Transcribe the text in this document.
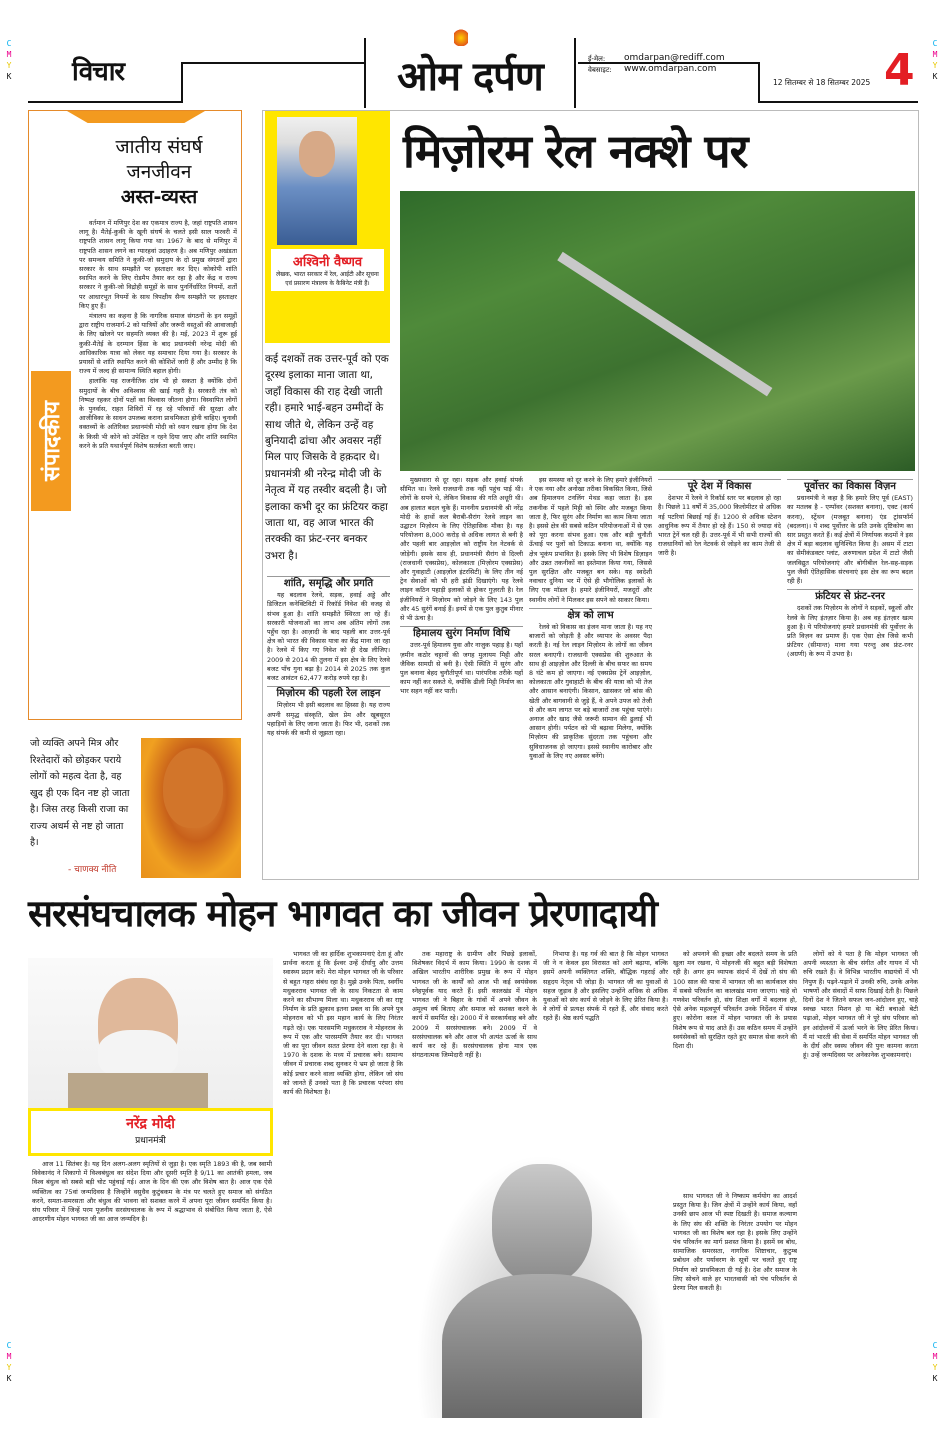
C
M
Y
K
C
M
Y
K
C
M
Y
K
C
M
Y
K
विचार	ओम दर्पण	ई-मेल: omdarpan@rediff.com
वेबसाइट: www.omdarpan.com
12 सितम्बर से 18 सितम्बर 2025 4
संपादकीय
जातीय संघर्ष
जनजीवन
अस्त-व्यस्त

वर्तमान में मणिपुर देश का एकमात्र राज्य है, जहां राष्ट्रपति शासन लागू है। मैतेई-कुकी के खूनी संघर्ष के चलते इसी साल फरवरी में राष्ट्रपति शासन लागू किया गया था। 1967 के बाद से मणिपुर में राष्ट्रपति शासन लगने का ग्यारहवां उदाहरण है। अब मणिपुर अखंडता पर समन्वय समिति ने कुकी-जो समुदाय के दो प्रमुख संगठनों द्वारा सरकार के साथ समझौते पर हस्ताक्षर कर दिए। कोकोपी शांति स्थापित करने के लिए रोडमैप तैयार कर रहा है और केंद्र व राज्य सरकार ने कुकी-जो विद्रोही समूहों के साथ पुनर्निर्धारित नियमों, शर्तों पर आधारभूत नियमों के साथ त्रिपक्षीय सैन्य समझौते पर हस्ताक्षर किए हुए हैं।

मंत्रालय का कहना है कि नागरिक समाज संगठनों के इन समूहों द्वारा राष्ट्रीय राजमार्ग-2 को यात्रियों और जरूरी वस्तुओं की आवाजाही के लिए खोलने पर सहमति व्यक्त की है। मई, 2023 में शुरू हुई कुकी-मैतेई के दरम्यान हिंसा के बाद प्रधानमंत्री नरेन्द्र मोदी की आधिकारिक यात्रा को लेकर यह समाचार दिया गया है। सरकार के प्रयासों से शांति स्थापित करने की कोशिशें जारी हैं और उम्मीद है कि राज्य में जल्द ही सामान्य स्थिति बहाल होगी।

हालांकि यह राजनीतिक दांव भी हो सकता है क्योंकि दोनों समुदायों के बीच अविश्वास की खाई गहरी है। सरकारी तंत्र को निष्पक्ष रहकर दोनों पक्षों का विश्वास जीतना होगा। विस्थापित लोगों के पुनर्वास, राहत शिविरों में रह रहे परिवारों की सुरक्षा और आजीविका के साधन उपलब्ध कराना प्राथमिकता होनी चाहिए। चुनावी वक्तव्यों के अतिरिक्त प्रधानमंत्री मोदी को ध्यान रखना होगा कि देश के किसी भी कोने को उपेक्षित न रहने दिया जाए और शांति स्थापित करने के प्रति यथार्थपूर्ण विशेष सतर्कता बरती जाए।

जो व्यक्ति अपने मित्र और रिश्तेदारों को छोड़कर पराये लोगों को महत्व देता है, वह खुद ही एक दिन नष्ट हो जाता है। जिस तरह किसी राजा का राज्य अधर्म से नष्ट हो जाता है।
- चाणक्य नीति
मिज़ोरम रेल नक्शे पर
अश्विनी वैष्णव
लेखक, भारत सरकार में रेल, आईटी और सूचना एवं प्रसारण मंत्रालय के कैबिनेट मंत्री हैं।
कई दशकों तक उत्तर-पूर्व को एक दूरस्थ इलाका माना जाता था, जहाँ विकास की राह देखी जाती रही। हमारे भाई-बहन उम्मीदों के साथ जीते थे, लेकिन उन्हें वह बुनियादी ढांचा और अवसर नहीं मिल पाए जिसके वे हक़दार थे। प्रधानमंत्री श्री नरेन्द्र मोदी जी के नेतृत्व में यह तस्वीर बदली है। जो इलाका कभी दूर का फ्रंटियर कहा जाता था, वह आज भारत की तरक्की का फ्रंट-रनर बनकर उभरा है।
शांति, समृद्धि और प्रगति

यह बदलाव रेलवे, सड़क, हवाई अड्डे और डिजिटल कनेक्टिविटी में रिकॉर्ड निवेश की वजह से संभव हुआ है। शांति समझौते स्थिरता ला रहे हैं। सरकारी योजनाओं का लाभ अब अंतिम लोगों तक पहुँच रहा है। आज़ादी के बाद पहली बार उत्तर-पूर्व क्षेत्र को भारत की विकास यात्रा का केंद्र माना जा रहा है। रेलवे में किए गए निवेश को ही देख लीजिए। 2009 से 2014 की तुलना में इस क्षेत्र के लिए रेलवे बजट पाँच गुना बढ़ा है। 2014 से 2025 तक कुल बजट आवंटन 62,477 करोड़ रुपये रहा है।

मिज़ोरम की पहली रेल लाइन

मिज़ोरम भी इसी बदलाव का हिस्सा है। यह राज्य अपनी समृद्ध संस्कृति, खेल प्रेम और खूबसूरत पहाड़ियों के लिए जाना जाता है। फिर भी, दशकों तक यह संपर्क की कमी से जूझता रहा।

मुख्यधारा से दूर रहा। सड़क और हवाई संपर्क सीमित था। रेलवे राजधानी तक नहीं पहुंच पाई थी। लोगों के सपने थे, लेकिन विकास की गति अधूरी थी। अब हालात बदल चुके हैं। माननीय प्रधानमंत्री श्री नरेंद्र मोदी के हाथों कल बैराबी-सैरांग रेलवे लाइन का उद्घाटन मिज़ोरम के लिए ऐतिहासिक मौका है। यह परियोजना 8,000 करोड़ से अधिक लागत से बनी है और पहली बार आइज़ोल को राष्ट्रीय रेल नेटवर्क से जोड़ेगी। इसके साथ ही, प्रधानमंत्री सैरांग से दिल्ली (राजधानी एक्सप्रेस), कोलकाता (मिज़ोरम एक्सप्रेस) और गुवाहाटी (आइज़ोल इंटरसिटी) के लिए तीन नई ट्रेन सेवाओं को भी हरी झंडी दिखाएंगे। यह रेलवे लाइन कठिन पहाड़ी इलाकों से होकर गुज़रती है। रेल इंजीनियरों ने मिज़ोरम को जोड़ने के लिए 143 पुल और 45 सुरंगें बनाई हैं। इनमें से एक पुल कुतुब मीनार से भी ऊंचा है।

हिमालय सुरंग निर्माण विधि

उत्तर-पूर्व हिमालय युवा और नाजुक पहाड़ है। यहाँ ज़मीन कठोर चट्टानों की जगह मुलायम मिट्टी और जैविक सामग्री से बनी है। ऐसी स्थिति में सुरंग और पुल बनाना बेहद चुनौतीपूर्ण था। पारंपरिक तरीके यहाँ काम नहीं कर सकते थे, क्योंकि ढीली मिट्टी निर्माण का भार सहन नहीं कर पाती।

इस समस्या को दूर करने के लिए हमारे इंजीनियरों ने एक नया और अनोखा तरीका विकसित किया, जिसे अब हिमालयन टनलिंग मेथड कहा जाता है। इस तकनीक में पहले मिट्टी को स्थिर और मजबूत किया जाता है, फिर सुरंग और निर्माण का काम किया जाता है। इससे क्षेत्र की सबसे कठिन परियोजनाओं में से एक को पूरा करना संभव हुआ। एक और बड़ी चुनौती ऊँचाई पर पुलों को टिकाऊ बनाना था, क्योंकि यह क्षेत्र भूकंप प्रभावित है। इसके लिए भी विशेष डिज़ाइन और उन्नत तकनीकों का इस्तेमाल किया गया, जिससे पुल सुरक्षित और मजबूत बन सके। यह स्वदेशी नवाचार दुनिया भर में ऐसे ही भौगोलिक इलाकों के लिए एक मॉडल है। हमारे इंजीनियरों, मजदूरों और स्थानीय लोगों ने मिलकर इस सपने को साकार किया।

क्षेत्र को लाभ

रेलवे को विकास का इंजन माना जाता है। यह नए बाजारों को जोड़ती है और व्यापार के अवसर पैदा करती है। नई रेल लाइन मिज़ोरम के लोगों का जीवन सरल बनाएगी। राजधानी एक्सप्रेस की शुरुआत के साथ ही आइज़ोल और दिल्ली के बीच सफर का समय 8 घंटे कम हो जाएगा। नई एक्सप्रेस ट्रेनें आइज़ोल, कोलकाता और गुवाहाटी के बीच की यात्रा को भी तेज और आसान बनाएंगी। किसान, खासकर जो बांस की खेती और बागवानी से जुड़े हैं, वे अपने उपज को तेजी से और कम लागत पर बड़े बाजारों तक पहुंचा पाएंगे। अनाज और खाद जैसे जरूरी सामान की ढुलाई भी आसान होगी। पर्यटन को भी बढ़ावा मिलेगा, क्योंकि मिज़ोरम की प्राकृतिक सुंदरता तक पहुंचना और सुविधाजनक हो जाएगा। इससे स्थानीय कारोबार और युवाओं के लिए नए अवसर बनेंगे।

पूरे देश में विकास

देशभर में रेलवे ने रिकॉर्ड स्तर पर बदलाव हो रहा है। पिछले 11 वर्षों में 35,000 किलोमीटर से अधिक नई पटरियां बिछाई गई हैं। 1200 से अधिक स्टेशन आधुनिक रूप में तैयार हो रहे हैं। 150 से ज्यादा वंदे भारत ट्रेनें चल रही हैं। उत्तर-पूर्व में भी सभी राज्यों की राजधानियों को रेल नेटवर्क से जोड़ने का काम तेजी से जारी है।

पूर्वोत्तर का विकास विज़न

प्रधानमंत्री ने कहा है कि हमारे लिए पूर्व (EAST) का मतलब है - एम्पॉवर (सशक्त बनाना), एक्ट (कार्य करना), स्ट्रेंथन (मजबूत बनाना) एंड ट्रांसफॉर्म (बदलना)। ये शब्द पूर्वोत्तर के प्रति उनके दृष्टिकोण का सार प्रस्तुत करते हैं। कई क्षेत्रों में निर्णायक कदमों ने इस क्षेत्र में बड़ा बदलाव सुनिश्चित किया है। असम में टाटा का सेमीकंडक्टर प्लांट, अरुणाचल प्रदेश में टाटो जैसी जलविद्युत परियोजनाएं और बोगीबील रेल-सह-सड़क पुल जैसी ऐतिहासिक संरचनाएं इस क्षेत्र का रूप बदल रही हैं।

फ्रंटियर से फ्रंट-रनर

दशकों तक मिज़ोरम के लोगों ने सड़कों, स्कूलों और रेलवे के लिए इंतज़ार किया है। अब वह इंतज़ार खत्म हुआ है। ये परियोजनाएं हमारे प्रधानमंत्री की पूर्वोत्तर के प्रति विज़न का प्रमाण हैं। एक ऐसा क्षेत्र जिसे कभी फ्रंटियर (सीमान्त) माना गया परन्तु अब फ्रंट-रनर (अग्रणी) के रूप में उभरा है।

सरसंघचालक मोहन भागवत का जीवन प्रेरणादायी
नरेंद्र मोदी
प्रधानमंत्री

आज 11 सितंबर है। यह दिन अलग-अलग स्मृतियों से जुड़ा है। एक स्मृति 1893 की है, जब स्वामी विवेकानंद ने शिकागो में विश्वबंधुत्व का संदेश दिया और दूसरी स्मृति है 9/11 का आतंकी हमला, जब विश्व बंधुत्व को सबसे बड़ी चोट पहुंचाई गई। आज के दिन की एक और विशेष बात है। आज एक ऐसे व्यक्तित्व का 75वां जन्मदिवस है जिन्होंने वसुधैव कुटुंबकम के मंत्र पर चलते हुए समाज को संगठित करने, समता-समरसता और बंधुत्व की भावना को सशक्त करने में अपना पूरा जीवन समर्पित किया है। संघ परिवार में जिन्हें परम पूजनीय सरसंघचालक के रूप में श्रद्धाभाव से संबोधित किया जाता है, ऐसे आदरणीय मोहन भागवत जी का आज जन्मदिन है।

भागवत जी का हार्दिक शुभकामनाएं देता हूं और प्रार्थना करता हूं कि ईश्वर उन्हें दीर्घायु और उत्तम स्वास्थ्य प्रदान करें। मेरा मोहन भागवत जी के परिवार से बहुत गहरा संबंध रहा है। मुझे उनके पिता, स्वर्गीय मधुकरराव भागवत जी के साथ निकटता से काम करने का सौभाग्य मिला था। मधुकरराव जी का राष्ट्र निर्माण के प्रति झुकाव इतना प्रबल था कि अपने पुत्र मोहनराव को भी इस महान कार्य के लिए निरंतर गढ़ते रहे। एक पारसमणि मधुकरराव ने मोहनराव के रूप में एक और पारसमणि तैयार कर दी। भागवत जी का पूरा जीवन सतत प्रेरणा देने वाला रहा है। वे 1970 के दशक के मध्य में प्रचारक बने। सामान्य जीवन में प्रचारक शब्द सुनकर ये भ्रम हो जाता है कि कोई प्रचार करने वाला व्यक्ति होगा, लेकिन जो संघ को जानते हैं उनको पता है कि प्रचारक परंपरा संघ कार्य की विशेषता है।

तक महाराष्ट्र के ग्रामीण और पिछड़े इलाकों, विशेषकर विदर्भ में काम किया। 1990 के दशक में अखिल भारतीय शारीरिक प्रमुख के रूप में मोहन भागवत जी के कार्यों को आज भी कई स्वयंसेवक स्नेहपूर्वक याद करते हैं। इसी कालखंड में मोहन भागवत जी ने बिहार के गांवों में अपने जीवन के अमूल्य वर्ष बिताए और समाज को सशक्त करने के कार्य में समर्पित रहे। 2000 में वे सरकार्यवाह बने और 2009 में सरसंघचालक बने। 2009 में वे सरसंघचालक बने और आज भी अत्यंत ऊर्जा के साथ कार्य कर रहे हैं। सरसंघचालक होना मात्र एक संगठनात्मक जिम्मेदारी नहीं है।

निभाया है। यह गर्व की बात है कि मोहन भागवत जी ने न केवल इस विरासत को आगे बढ़ाया, बल्कि इसमें अपनी व्यक्तिगत शक्ति, बौद्धिक गहराई और सहृदय नेतृत्व भी जोड़ा है। भागवत जी का युवाओं से सहज जुड़ाव है और इसलिए उन्होंने अधिक से अधिक युवाओं को संघ कार्य से जोड़ने के लिए प्रेरित किया है। वे लोगों से प्रत्यक्ष संपर्क में रहते हैं, और संवाद करते रहते हैं। श्रेष्ठ कार्य पद्धति

को अपनाने की इच्छा और बदलते समय के प्रति खुला मन रखना, ये मोहनजी की बहुत बड़ी विशेषता रही है। अगर हम व्यापक संदर्भ में देखें तो संघ की 100 साल की यात्रा में भागवत जी का कार्यकाल संघ में सबसे परिवर्तन का कालखंड माना जाएगा। चाहे वो गणवेश परिवर्तन हो, संघ शिक्षा वर्गों में बदलाव हो, ऐसे अनेक महत्वपूर्ण परिवर्तन उनके निर्देशन में संपन्न हुए। कोरोना काल में मोहन भागवत जी के प्रयास विशेष रूप से याद आते हैं। उस कठिन समय में उन्होंने स्वयंसेवकों को सुरक्षित रहते हुए समाज सेवा करने की दिशा दी।

साथ भागवत जी ने निष्काम कर्मयोग का आदर्श प्रस्तुत किया है। जिन क्षेत्रों में उन्होंने कार्य किया, वहाँ उनकी छाप आज भी स्पष्ट दिखती है। समाज कल्याण के लिए संघ की शक्ति के निरंतर उपयोग पर मोहन भागवत जी का विशेष बल रहा है। इसके लिए उन्होंने पंच परिवर्तन का मार्ग प्रशस्त किया है। इसमें स्व बोध, सामाजिक समरसता, नागरिक शिष्टाचार, कुटुम्ब प्रबोधन और पर्यावरण के सूत्रों पर चलते हुए राष्ट्र निर्माण को प्राथमिकता दी गई है। देश और समाज के लिए सोचने वाले हर भारतवासी को पंच परिवर्तन से प्रेरणा मिल सकती है।

लोगों को ये पता है कि मोहन भागवत जी अपनी व्यस्तता के बीच संगीत और गायन में भी रुचि रखते हैं। वे विभिन्न भारतीय वाद्ययंत्रों में भी निपुण हैं। पढ़ने-पढ़ाने में उनकी रुचि, उनके अनेक भाषणों और संवादों में साफ दिखाई देती है। पिछले दिनों देश ने जितने सफल जन-आंदोलन हुए, चाहे स्वच्छ भारत मिशन हो या बेटी बचाओ बेटी पढ़ाओ, मोहन भागवत जी ने पूरे संघ परिवार को इन आंदोलनों में ऊर्जा भरने के लिए प्रेरित किया। मैं मां भारती की सेवा में समर्पित मोहन भागवत जी के दीर्घ और स्वस्थ जीवन की पुनः कामना करता हूं। उन्हें जन्मदिवस पर अनेकानेक शुभकामनाएं।
